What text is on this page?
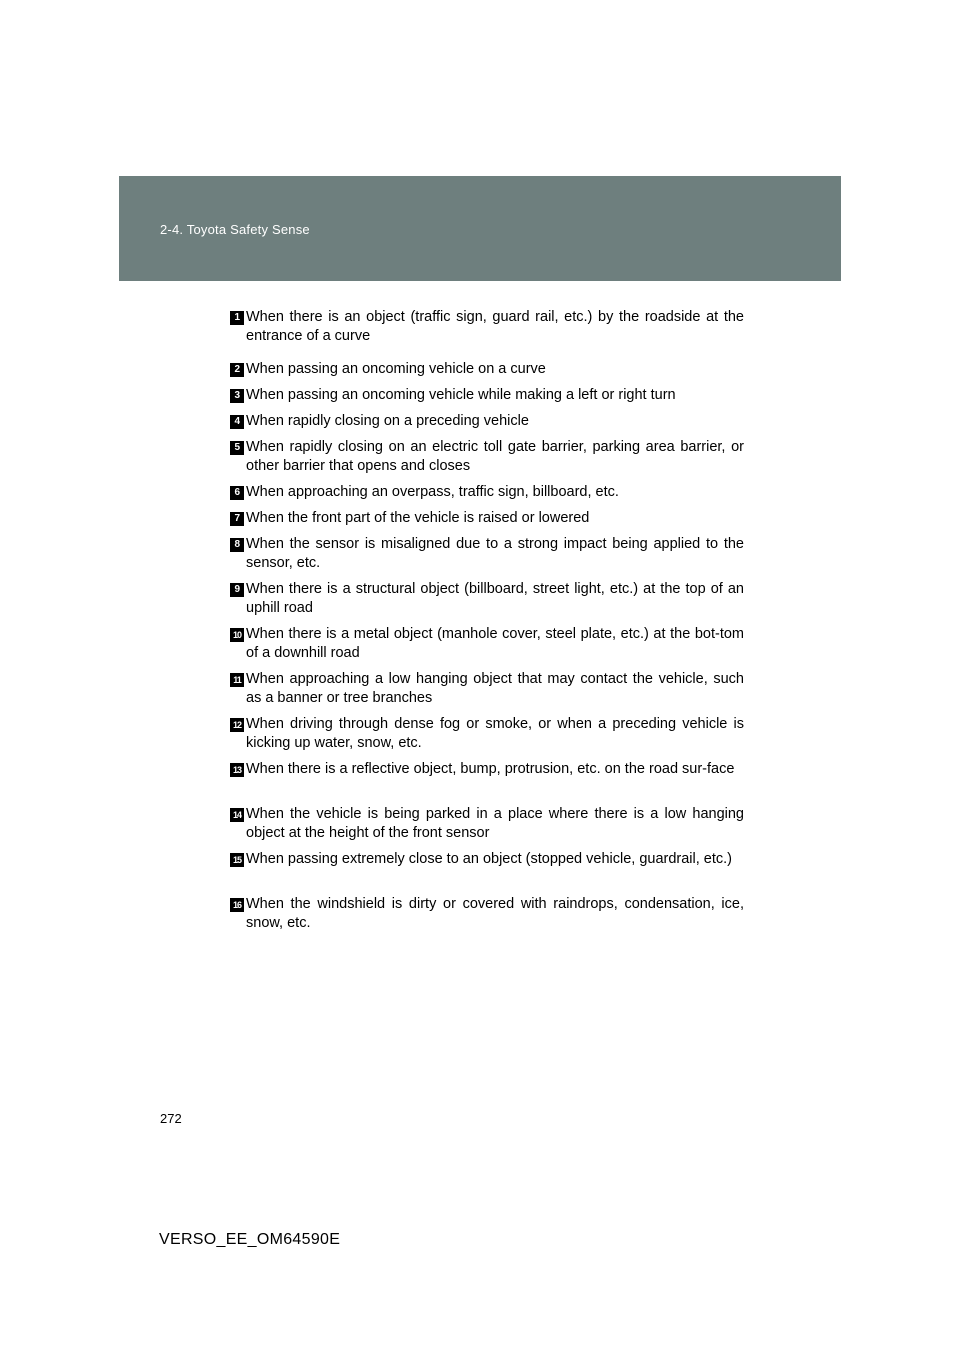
2-4. Toyota Safety Sense
1 When there is an object (traffic sign, guard rail, etc.) by the roadside at the entrance of a curve
2 When passing an oncoming vehicle on a curve
3 When passing an oncoming vehicle while making a left or right turn
4 When rapidly closing on a preceding vehicle
5 When rapidly closing on an electric toll gate barrier, parking area barrier, or other barrier that opens and closes
6 When approaching an overpass, traffic sign, billboard, etc.
7 When the front part of the vehicle is raised or lowered
8 When the sensor is misaligned due to a strong impact being applied to the sensor, etc.
9 When there is a structural object (billboard, street light, etc.) at the top of an uphill road
10 When there is a metal object (manhole cover, steel plate, etc.) at the bot-tom of a downhill road
11 When approaching a low hanging object that may contact the vehicle, such as a banner or tree branches
12 When driving through dense fog or smoke, or when a preceding vehicle is kicking up water, snow, etc.
13 When there is a reflective object, bump, protrusion, etc. on the road sur-face
14 When the vehicle is being parked in a place where there is a low hanging object at the height of the front sensor
15 When passing extremely close to an object (stopped vehicle, guardrail, etc.)
16 When the windshield is dirty or covered with raindrops, condensation, ice, snow, etc.
272
VERSO_EE_OM64590E
